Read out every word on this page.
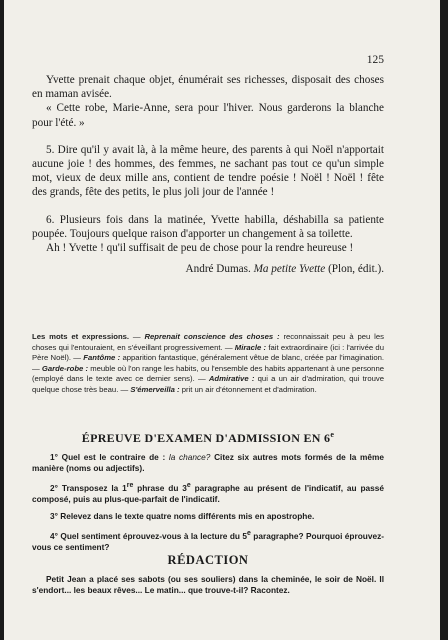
125

Yvette prenait chaque objet, énumérait ses richesses, disposait des choses en maman avisée.

« Cette robe, Marie-Anne, sera pour l'hiver. Nous garderons la blanche pour l'été. »

5. Dire qu'il y avait là, à la même heure, des parents à qui Noël n'apportait aucune joie ! des hommes, des femmes, ne sachant pas tout ce qu'un simple mot, vieux de deux mille ans, contient de tendre poésie ! Noël ! Noël ! fête des grands, fête des petits, le plus joli jour de l'année !

6. Plusieurs fois dans la matinée, Yvette habilla, déshabilla sa patiente poupée. Toujours quelque raison d'apporter un changement à sa toilette.

Ah ! Yvette ! qu'il suffisait de peu de chose pour la rendre heureuse !

André Dumas. Ma petite Yvette (Plon, édit.).

Les mots et expressions. — Reprenait conscience des choses : reconnaissait peu à peu les choses qui l'entouraient, en s'éveillant progressivement. — Miracle : fait extraordinaire (ici : l'arrivée du Père Noël). — Fantôme : apparition fantastique, généralement vêtue de blanc, créée par l'imagination. — Garde-robe : meuble où l'on range les habits, ou l'ensemble des habits appartenant à une personne (employé dans le texte avec ce dernier sens). — Admirative : qui a un air d'admiration, qui trouve quelque chose très beau. — S'émerveilla : prit un air d'étonnement et d'admiration.
ÉPREUVE D'EXAMEN D'ADMISSION EN 6e

1° Quel est le contraire de : la chance? Citez six autres mots formés de la même manière (noms ou adjectifs).

2° Transposez la 1re phrase du 3e paragraphe au présent de l'indicatif, au passé composé, puis au plus-que-parfait de l'indicatif.

3° Relevez dans le texte quatre noms différents mis en apostrophe.

4° Quel sentiment éprouvez-vous à la lecture du 5e paragraphe? Pourquoi éprouvez-vous ce sentiment?

RÉDACTION
Petit Jean a placé ses sabots (ou ses souliers) dans la cheminée, le soir de Noël. Il s'endort... les beaux rêves... Le matin... que trouve-t-il? Racontez.
